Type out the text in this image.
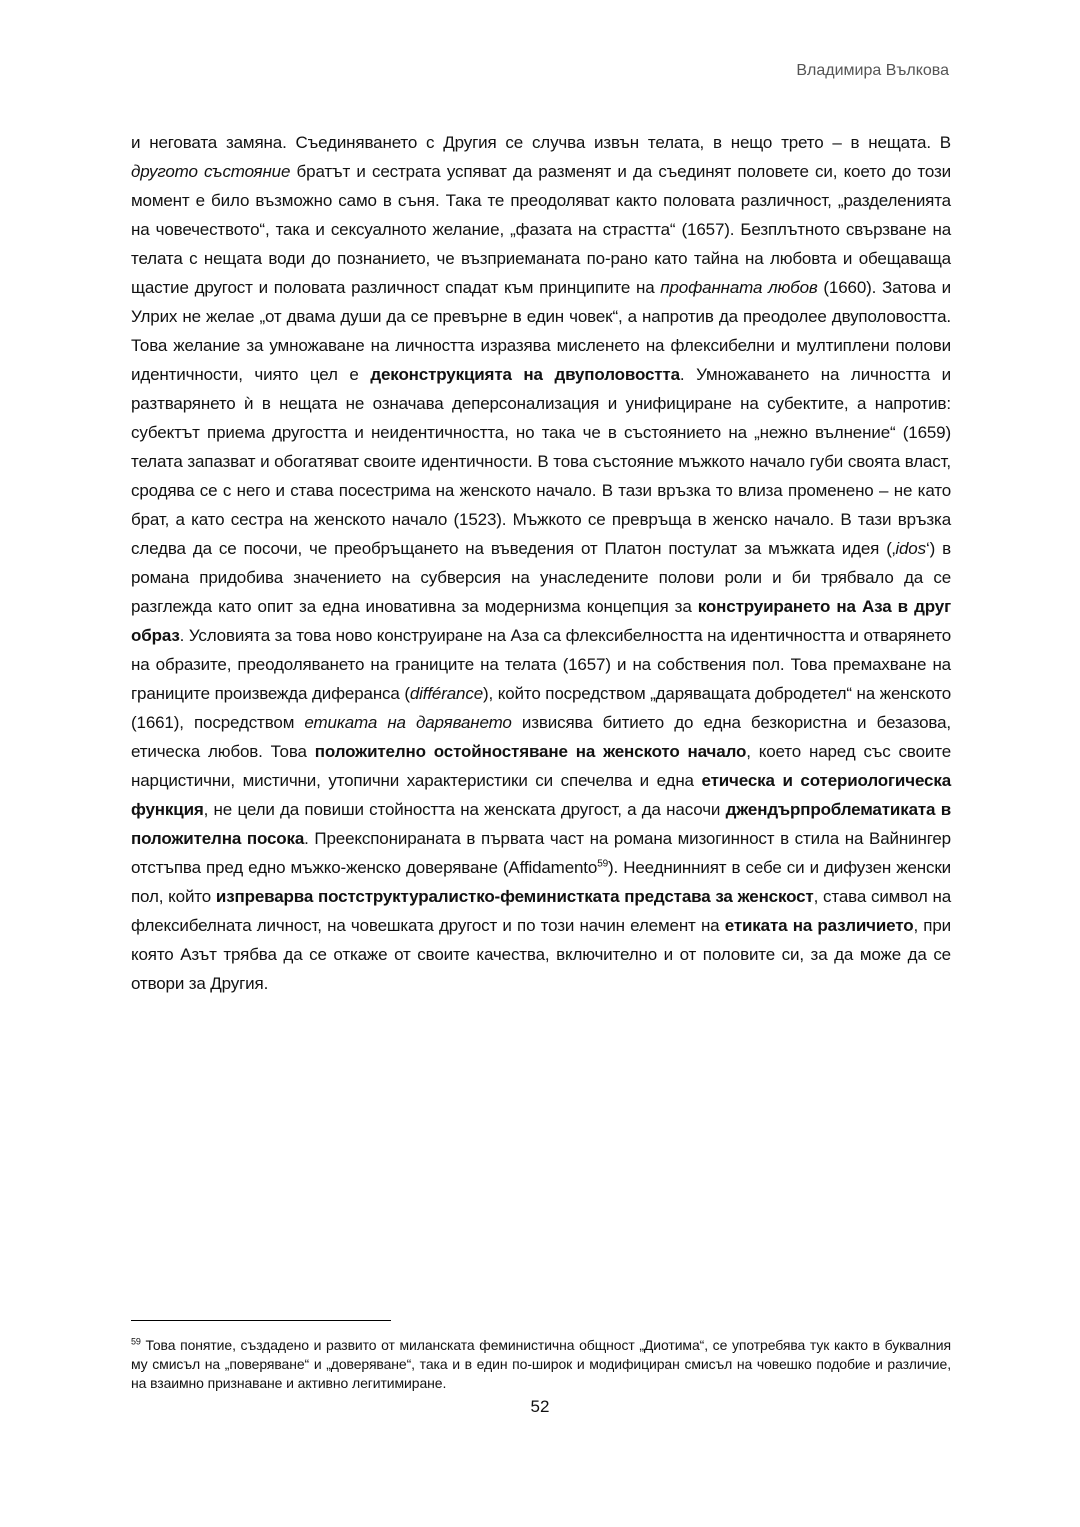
Владимира Вълкова

и неговата замяна. Съединяването с Другия се случва извън телата, в нещо трето – в нещата. В другото състояние братът и сестрата успяват да разменят и да съединят половете си, което до този момент е било възможно само в съня. Така те преодоляват както половата различност, „разделенията на човечеството“, така и сексуалното желание, „фазата на страстта“ (1657). Безплътното свързване на телата с нещата води до познанието, че възприеманата по-рано като тайна на любовта и обещаваща щастие другост и половата различност спадат към принципите на профанната любов (1660). Затова и Улрих не желае „от двама души да се превърне в един човек“, а напротив да преодолее двуполовостта. Това желание за умножаване на личността изразява мисленето на флексибелни и мултиплени полови идентичности, чиято цел е деконструкцията на двуполовостта. Умножаването на личността и разтварянето ѝ в нещата не означава деперсонализация и унифициране на субектите, а напротив: субектът приема другостта и неидентичността, но така че в състоянието на „нежно вълнение“ (1659) телата запазват и обогатяват своите идентичности. В това състояние мъжкото начало губи своята власт, сродява се с него и става посестрима на женското начало. В тази връзка то влиза променено – не като брат, а като сестра на женското начало (1523). Мъжкото се превръща в женско начало. В тази връзка следва да се посочи, че преобръщането на въведения от Платон постулат за мъжката идея (‚idos‘) в романа придобива значението на субверсия на унаследените полови роли и би трябвало да се разглежда като опит за една иновативна за модернизма концепция за конструирането на Аза в друг образ. Условията за това ново конструиране на Аза са флексибелността на идентичността и отварянето на образите, преодоляването на границите на телата (1657) и на собствения пол. Това премахване на границите произвежда диферанса (différance), който посредством „даряващата добродетел“ на женското (1661), посредством етиката на даряването извисява битието до една безкористна и безазова, етическа любов. Това положително остойностяване на женското начало, което наред със своите нарцистични, мистични, утопични характеристики си спечелва и една етическа и сотериологическа функция, не цели да повиши стойността на женската другост, а да насочи джендърпроблематиката в положителна посока. Преекспонираната в първата част на романа мизогинност в стила на Вайнингер отстъпва пред едно мъжко-женско доверяване (Affidamento$^{59}$). Нееднинният в себе си и дифузен женски пол, който изпреварва постструктуралистко-феминистката представа за женскост, става символ на флексибелната личност, на човешката другост и по този начин елемент на етиката на различието, при която Азът трябва да се откаже от своите качества, включително и от половите си, за да може да се отвори за Другия.

$^{59}$ Това понятие, създадено и развито от миланската феминистична общност „Диотима“, се употребява тук както в буквалния му смисъл на „поверяване“ и „доверяване“, така и в един по-широк и модифициран смисъл на човешко подобие и различие, на взаимно признаване и активно легитимиране.

52
